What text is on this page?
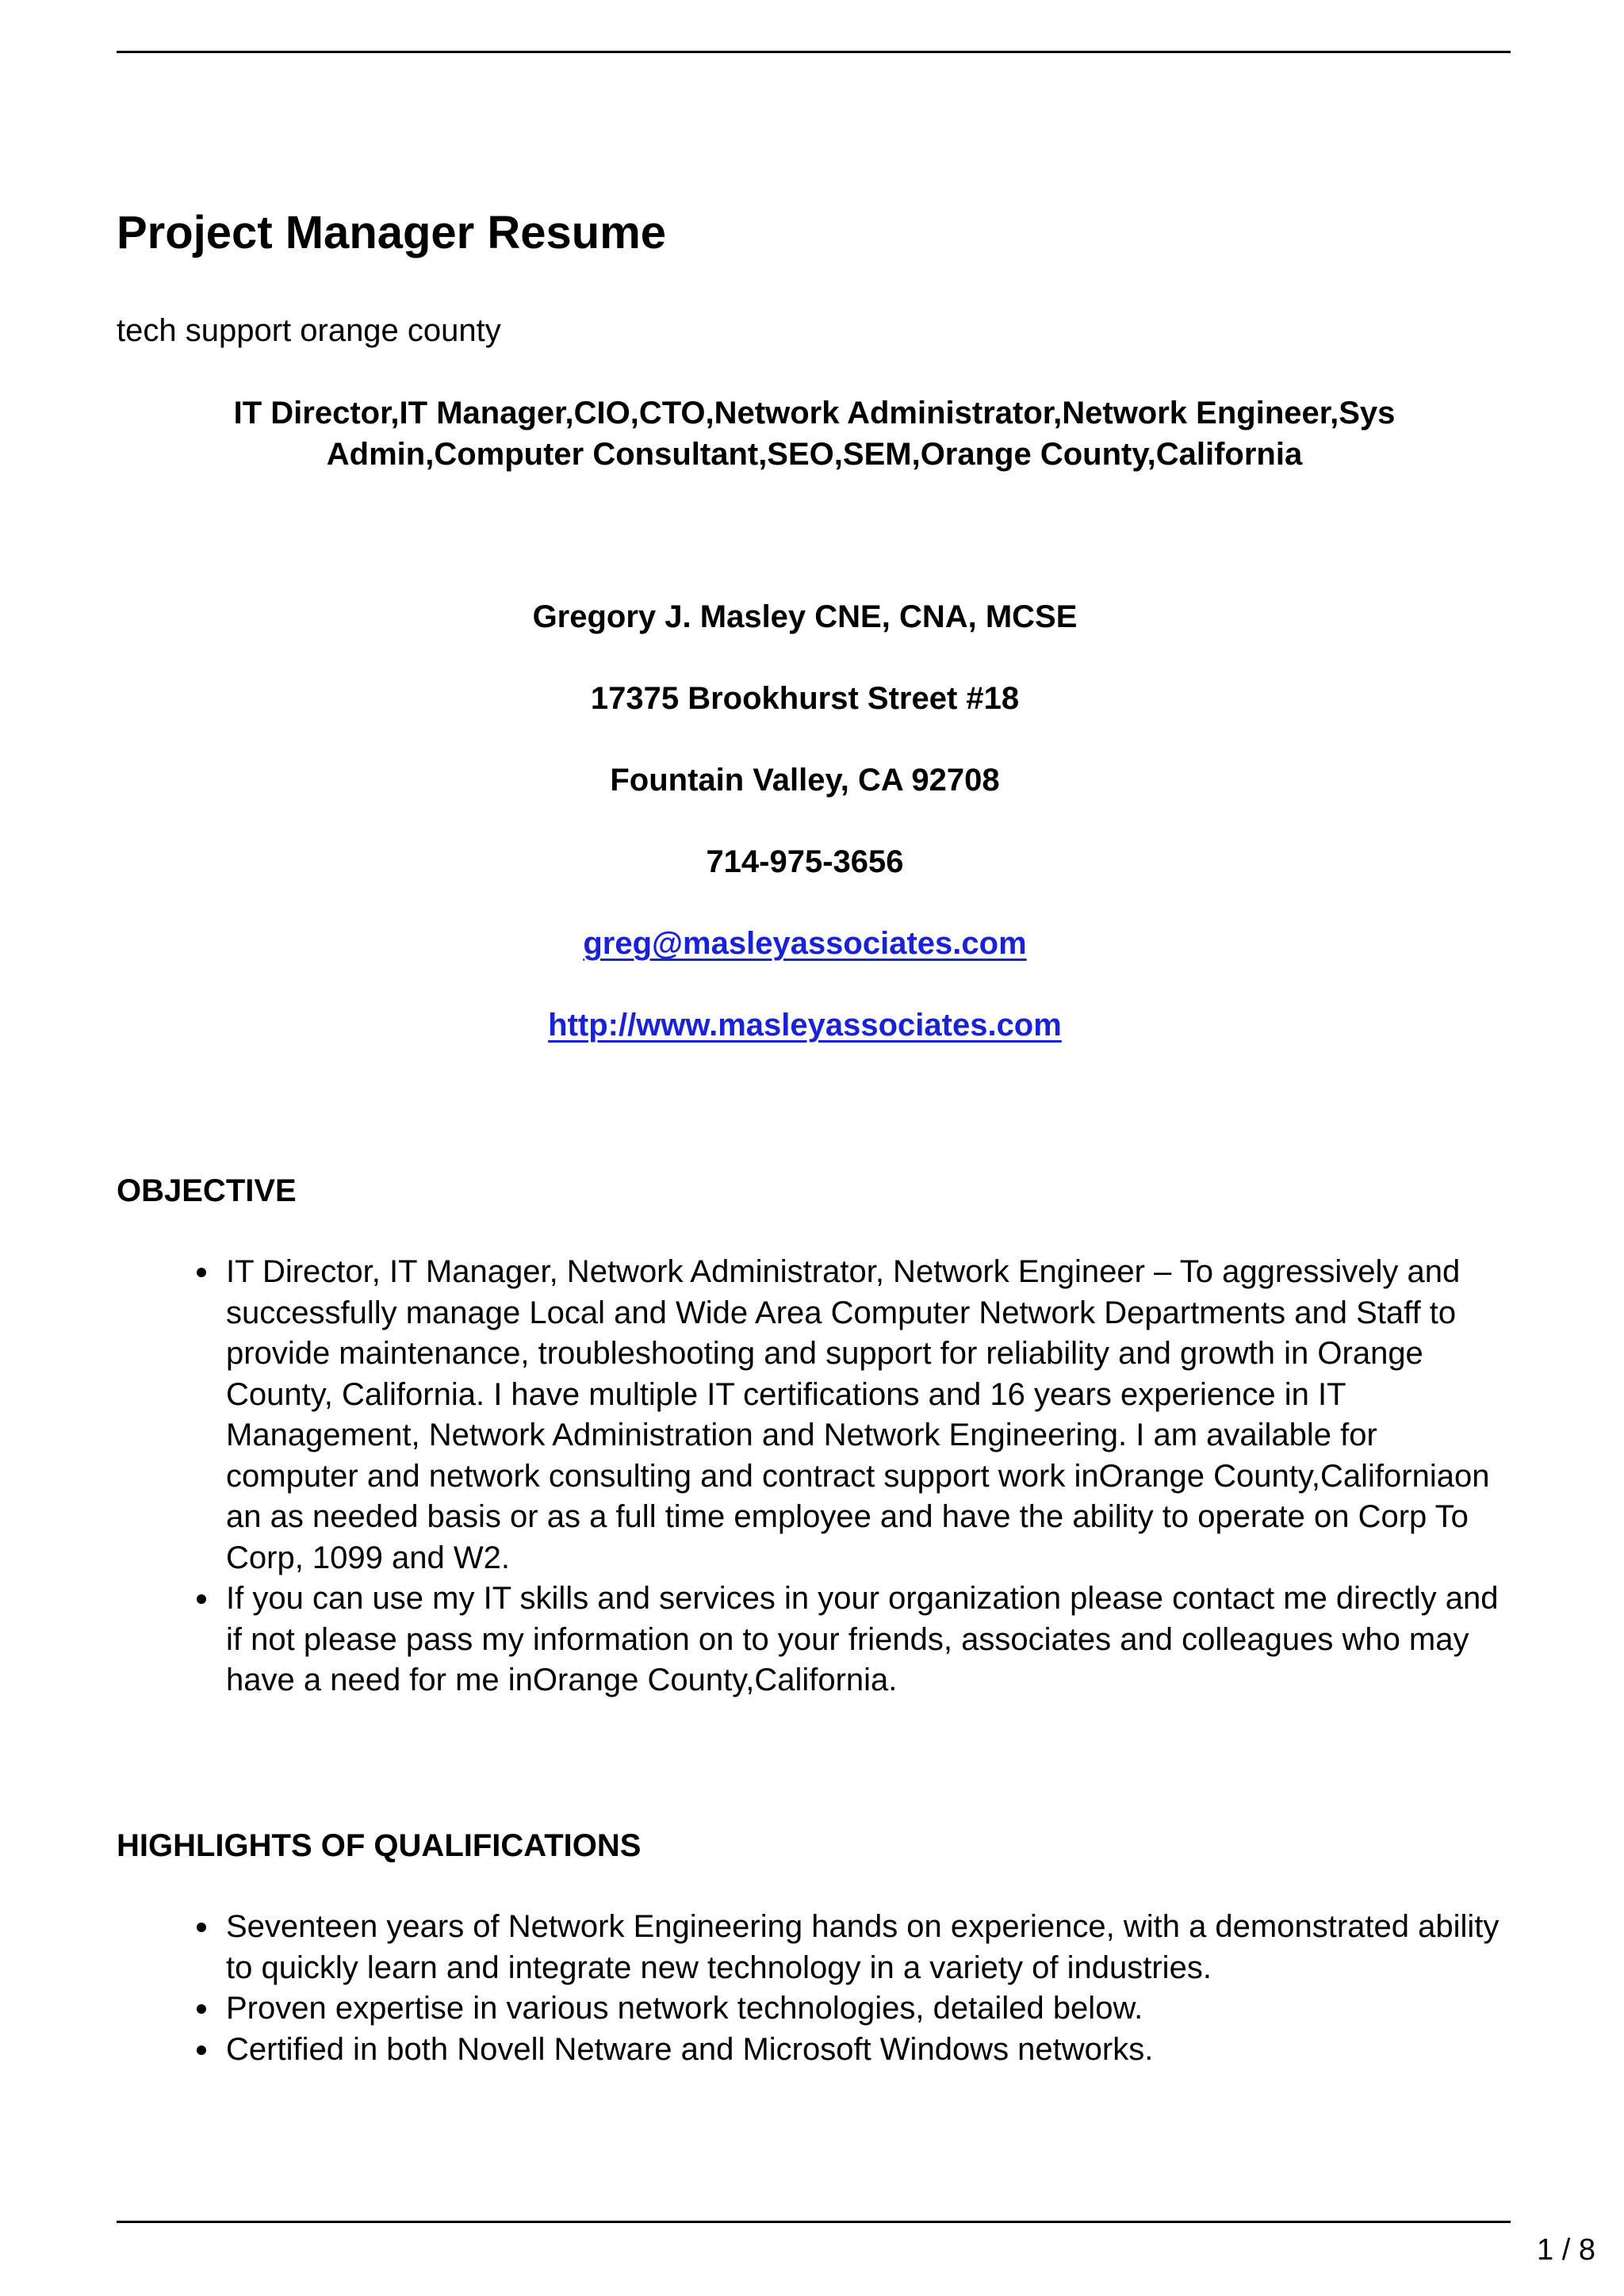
Project Manager Resume
tech support orange county
IT Director,IT Manager,CIO,CTO,Network Administrator,Network Engineer,Sys Admin,Computer Consultant,SEO,SEM,Orange County,California
Gregory J. Masley CNE, CNA, MCSE
17375 Brookhurst Street #18
Fountain Valley, CA 92708
714-975-3656
greg@masleyassociates.com
http://www.masleyassociates.com
OBJECTIVE
IT Director, IT Manager, Network Administrator, Network Engineer – To aggressively and successfully manage Local and Wide Area Computer Network Departments and Staff to provide maintenance, troubleshooting and support for reliability and growth in Orange County, California. I have multiple IT certifications and 16 years experience in IT Management, Network Administration and Network Engineering. I am available for computer and network consulting and contract support work inOrange County,Californiaon an as needed basis or as a full time employee and have the ability to operate on Corp To Corp, 1099 and W2.
If you can use my IT skills and services in your organization please contact me directly and if not please pass my information on to your friends, associates and colleagues who may have a need for me inOrange County,California.
HIGHLIGHTS OF QUALIFICATIONS
Seventeen years of Network Engineering hands on experience, with a demonstrated ability to quickly learn and integrate new technology in a variety of industries.
Proven expertise in various network technologies, detailed below.
Certified in both Novell Netware and Microsoft Windows networks.
1 / 8
